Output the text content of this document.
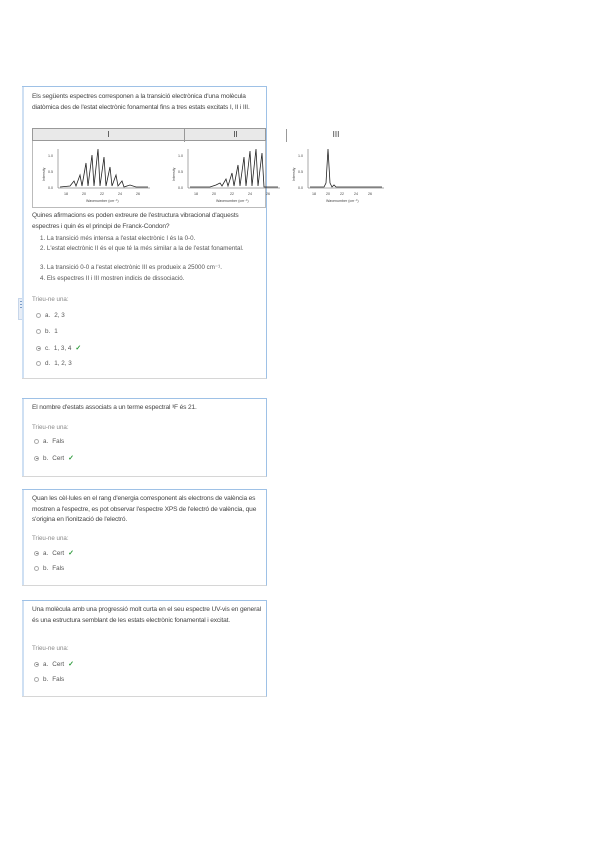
Els següents espectres corresponen a la transició electrònica d'una molècula diatòmica des de l'estat electrònic fonamental fins a tres estats excitats I, II i III.
I	II	III
Intensity
1.0
0.5
0.0
18	20	22	24	26
Wavenumber (cm⁻¹)
Intensity
1.0
0.5
0.0
18	20	22	24	26
Wavenumber (cm⁻¹)
Intensity
1.0
0.5
0.0
18	20	22	24	26
Wavenumber (cm⁻¹)
Quines afirmacions es poden extreure de l'estructura vibracional d'aquests espectres i quin és el principi de Franck-Condon?
1. La transició més intensa a l'estat electrònic I és la 0-0.
2. L'estat electrònic II és el que té la més similar a la de l'estat fonamental.
3. La transició 0-0 a l'estat electrònic III es produeix a 25000 cm⁻¹.
4. Els espectres II i III mostren indicis de dissociació.
Trieu-ne una:
a. 2, 3
b. 1
c. 1, 3, 4 ✓
d. 1, 2, 3
El nombre d'estats associats a un terme espectral ³F és 21.
Trieu-ne una:
a. Fals
b. Cert ✓
Quan les cèl·lules en el rang d'energia corresponent als electrons de valència es mostren a l'espectre, es pot observar l'espectre XPS de l'electró de valència, que s'origina en l'ionització de l'electró.
Trieu-ne una:
a. Cert ✓
b. Fals
Una molècula amb una progressió molt curta en el seu espectre UV-vis en general és una estructura semblant de les estats electrònic fonamental i excitat.
Trieu-ne una:
a. Cert ✓
b. Fals
